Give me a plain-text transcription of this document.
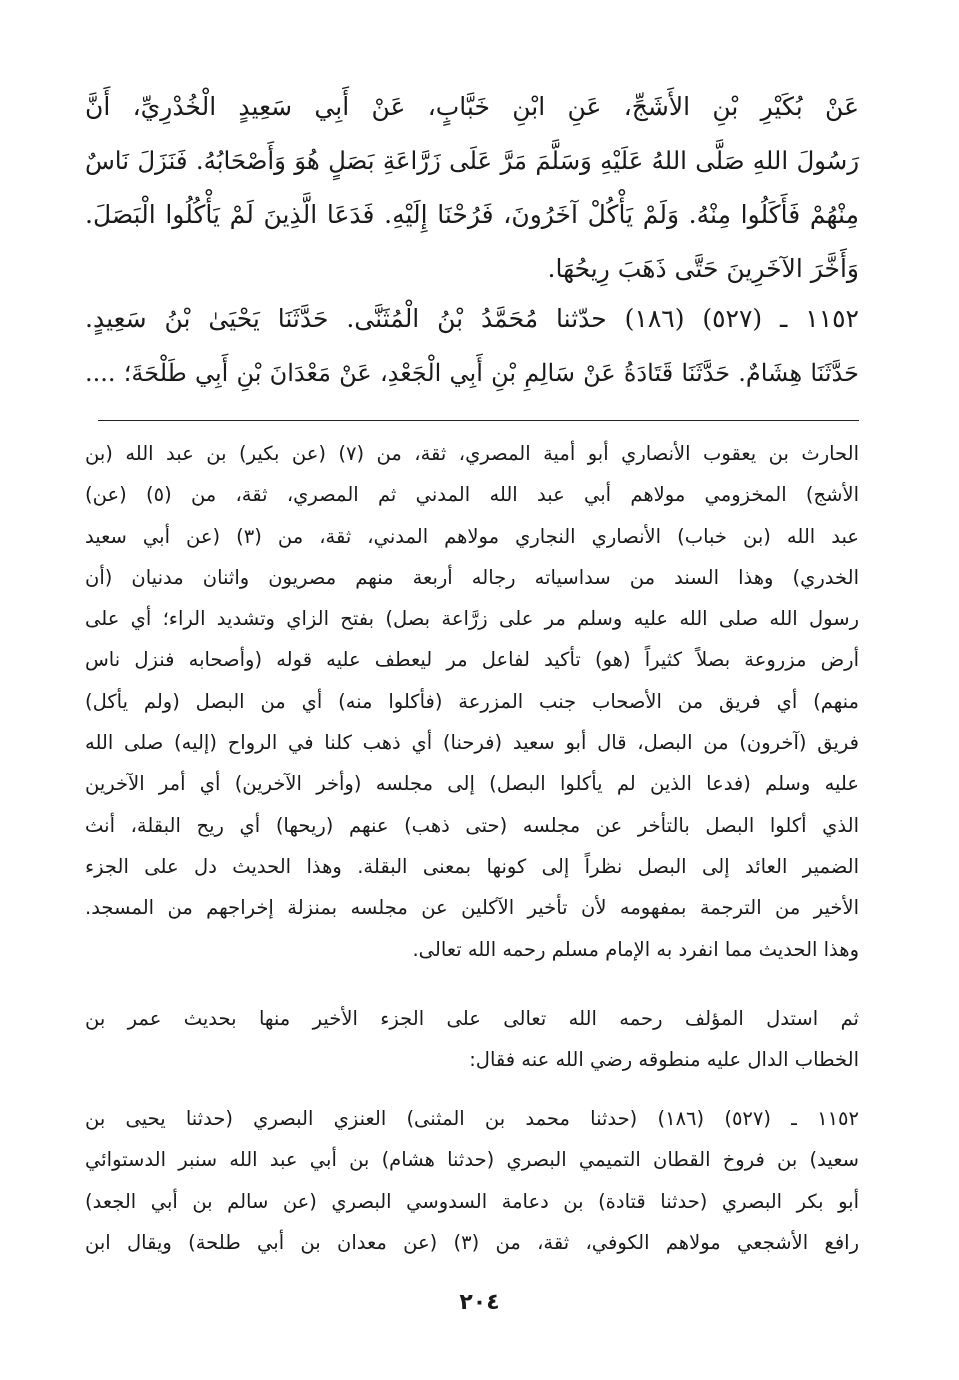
عَنْ بُكَيْرِ بْنِ الأَشَجِّ، عَنِ ابْنِ خَبَّابٍ، عَنْ أَبِي سَعِيدٍ الْخُدْرِيِّ، أَنَّ
رَسُولَ اللهِ صَلَّى اللهُ عَلَيْهِ وَسَلَّمَ مَرَّ عَلَى زَرَّاعَةِ بَصَلٍ هُوَ وَأَصْحَابُهُ. فَنَزَلَ نَاسٌ
مِنْهُمْ فَأَكَلُوا مِنْهُ. وَلَمْ يَأْكُلْ آخَرُونَ، فَرُحْنَا إِلَيْهِ. فَدَعَا الَّذِينَ لَمْ يَأْكُلُوا الْبَصَلَ.
وَأَخَّرَ الآخَرِينَ حَتَّى ذَهَبَ رِيحُهَا.
١١٥٢ ـ (٥٢٧) (١٨٦) حدّثنا مُحَمَّدُ بْنُ الْمُثَنَّى. حَدَّثَنَا يَحْيَىٰ بْنُ سَعِيدٍ.
حَدَّثَنَا هِشَامٌ. حَدَّثَنَا قَتَادَةُ عَنْ سَالِمِ بْنِ أَبِي الْجَعْدِ، عَنْ مَعْدَانَ بْنِ أَبِي طَلْحَةَ؛ ....
الحارث بن يعقوب الأنصاري أبو أمية المصري، ثقة، من (٧) (عن بكير) بن عبد الله (بن
الأشج) المخزومي مولاهم أبي عبد الله المدني ثم المصري، ثقة، من (٥) (عن)
عبد الله (بن خباب) الأنصاري النجاري مولاهم المدني، ثقة، من (٣) (عن أبي سعيد
الخدري) وهذا السند من سداسياته رجاله أربعة منهم مصريون واثنان مدنيان (أن
رسول الله صلى الله عليه وسلم مر على زرَّاعة بصل) بفتح الزاي وتشديد الراء؛ أي على
أرض مزروعة بصلاً كثيراً (هو) تأكيد لفاعل مر ليعطف عليه قوله (وأصحابه فنزل ناس
منهم) أي فريق من الأصحاب جنب المزرعة (فأكلوا منه) أي من البصل (ولم يأكل)
فريق (آخرون) من البصل، قال أبو سعيد (فرحنا) أي ذهب كلنا في الرواح (إليه) صلى الله
عليه وسلم (فدعا الذين لم يأكلوا البصل) إلى مجلسه (وأخر الآخرين) أي أمر الآخرين
الذي أكلوا البصل بالتأخر عن مجلسه (حتى ذهب) عنهم (ريحها) أي ريح البقلة، أنث
الضمير العائد إلى البصل نظراً إلى كونها بمعنى البقلة. وهذا الحديث دل على الجزء
الأخير من الترجمة بمفهومه لأن تأخير الآكلين عن مجلسه بمنزلة إخراجهم من المسجد.
وهذا الحديث مما انفرد به الإمام مسلم رحمه الله تعالى.
ثم استدل المؤلف رحمه الله تعالى على الجزء الأخير منها بحديث عمر بن
الخطاب الدال عليه منطوقه رضي الله عنه فقال:
١١٥٢ ـ (٥٢٧) (١٨٦) (حدثنا محمد بن المثنى) العنزي البصري (حدثنا يحيى بن
سعيد) بن فروخ القطان التميمي البصري (حدثنا هشام) بن أبي عبد الله سنبر الدستوائي
أبو بكر البصري (حدثنا قتادة) بن دعامة السدوسي البصري (عن سالم بن أبي الجعد)
رافع الأشجعي مولاهم الكوفي، ثقة، من (٣) (عن معدان بن أبي طلحة) ويقال ابن
٢٠٤
